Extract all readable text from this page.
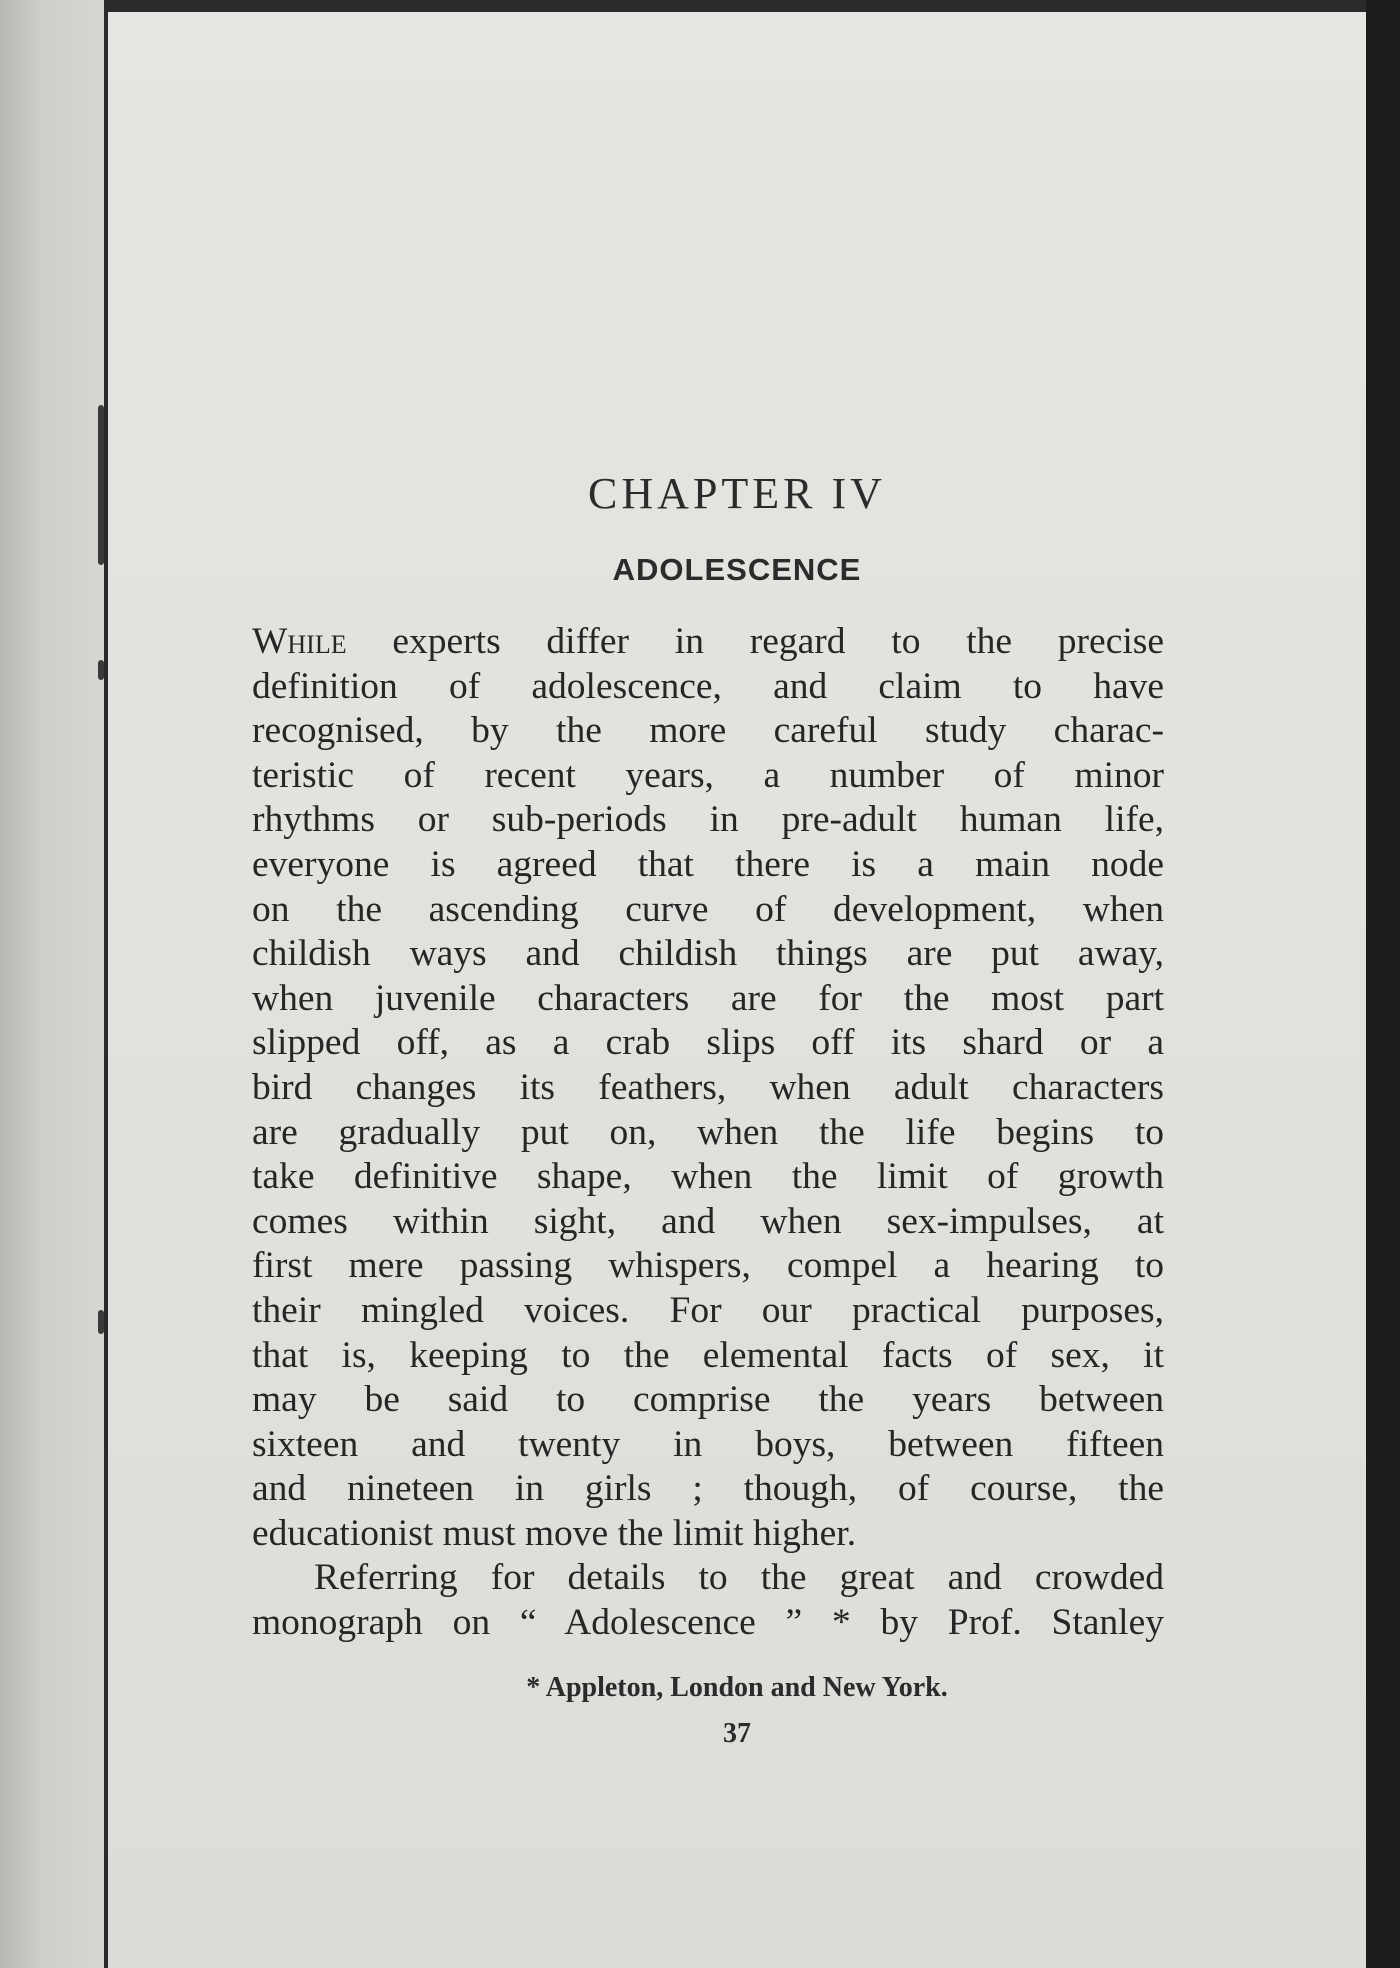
CHAPTER IV
ADOLESCENCE

While experts differ in regard to the precise
definition of adolescence, and claim to have
recognised, by the more careful study charac-
teristic of recent years, a number of minor
rhythms or sub-periods in pre-adult human life,
everyone is agreed that there is a main node
on the ascending curve of development, when
childish ways and childish things are put away,
when juvenile characters are for the most part
slipped off, as a crab slips off its shard or a
bird changes its feathers, when adult characters
are gradually put on, when the life begins to
take definitive shape, when the limit of growth
comes within sight, and when sex-impulses, at
first mere passing whispers, compel a hearing to
their mingled voices. For our practical purposes,
that is, keeping to the elemental facts of sex, it
may be said to comprise the years between
sixteen and twenty in boys, between fifteen
and nineteen in girls ; though, of course, the
educationist must move the limit higher.

Referring for details to the great and crowded
monograph on “ Adolescence ” * by Prof. Stanley

* Appleton, London and New York.
37
